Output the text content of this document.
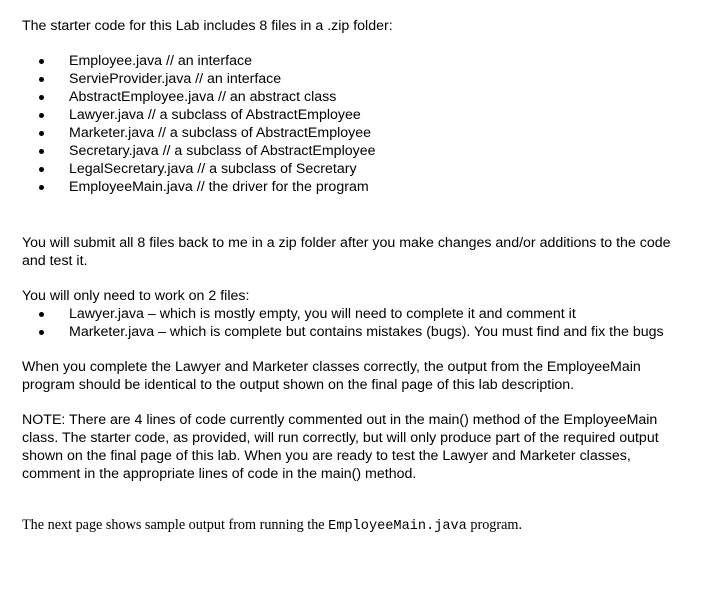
The starter code for this Lab includes 8 files in a .zip folder:

Employee.java // an interface
ServieProvider.java // an interface
AbstractEmployee.java // an abstract class
Lawyer.java // a subclass of AbstractEmployee
Marketer.java // a subclass of AbstractEmployee
Secretary.java // a subclass of AbstractEmployee
LegalSecretary.java // a subclass of Secretary
EmployeeMain.java // the driver for the program

You will submit all 8 files back to me in a zip folder after you make changes and/or additions to the code and test it.

You will only need to work on 2 files:

Lawyer.java – which is mostly empty, you will need to complete it and comment it
Marketer.java – which is complete but contains mistakes (bugs). You must find and fix the bugs

When you complete the Lawyer and Marketer classes correctly, the output from the EmployeeMain program should be identical to the output shown on the final page of this lab description.

NOTE: There are 4 lines of code currently commented out in the main() method of the EmployeeMain class. The starter code, as provided, will run correctly, but will only produce part of the required output shown on the final page of this lab. When you are ready to test the Lawyer and Marketer classes, comment in the appropriate lines of code in the main() method.

The next page shows sample output from running the EmployeeMain.java program.
